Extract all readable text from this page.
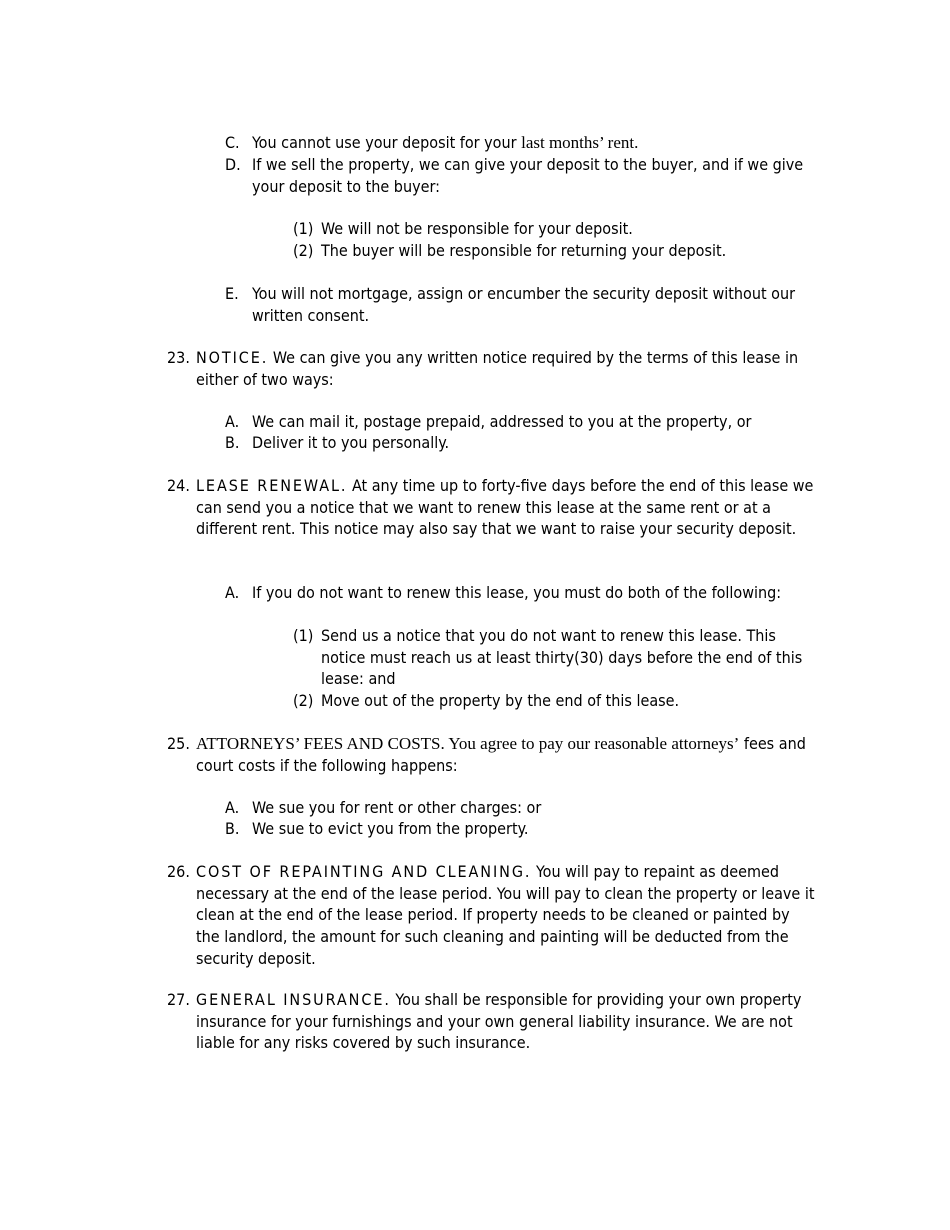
C. You cannot use your deposit for your last months’ rent.
D. If we sell the property, we can give your deposit to the buyer, and if we give your deposit to the buyer:
(1) We will not be responsible for your deposit.
(2) The buyer will be responsible for returning your deposit.
E. You will not mortgage, assign or encumber the security deposit without our written consent.
23. NOTICE. We can give you any written notice required by the terms of this lease in either of two ways:
A. We can mail it, postage prepaid, addressed to you at the property, or
B. Deliver it to you personally.
24. LEASE RENEWAL. At any time up to forty-five days before the end of this lease we can send you a notice that we want to renew this lease at the same rent or at a different rent. This notice may also say that we want to raise your security deposit.
A. If you do not want to renew this lease, you must do both of the following:
(1) Send us a notice that you do not want to renew this lease. This notice must reach us at least thirty(30) days before the end of this lease: and
(2) Move out of the property by the end of this lease.
25. ATTORNEYS’ FEES AND COSTS. You agree to pay our reasonable attorneys’ fees and court costs if the following happens:
A. We sue you for rent or other charges: or
B. We sue to evict you from the property.
26. COST OF REPAINTING AND CLEANING. You will pay to repaint as deemed necessary at the end of the lease period. You will pay to clean the property or leave it clean at the end of the lease period. If property needs to be cleaned or painted by the landlord, the amount for such cleaning and painting will be deducted from the security deposit.
27. GENERAL INSURANCE. You shall be responsible for providing your own property insurance for your furnishings and your own general liability insurance. We are not liable for any risks covered by such insurance.
